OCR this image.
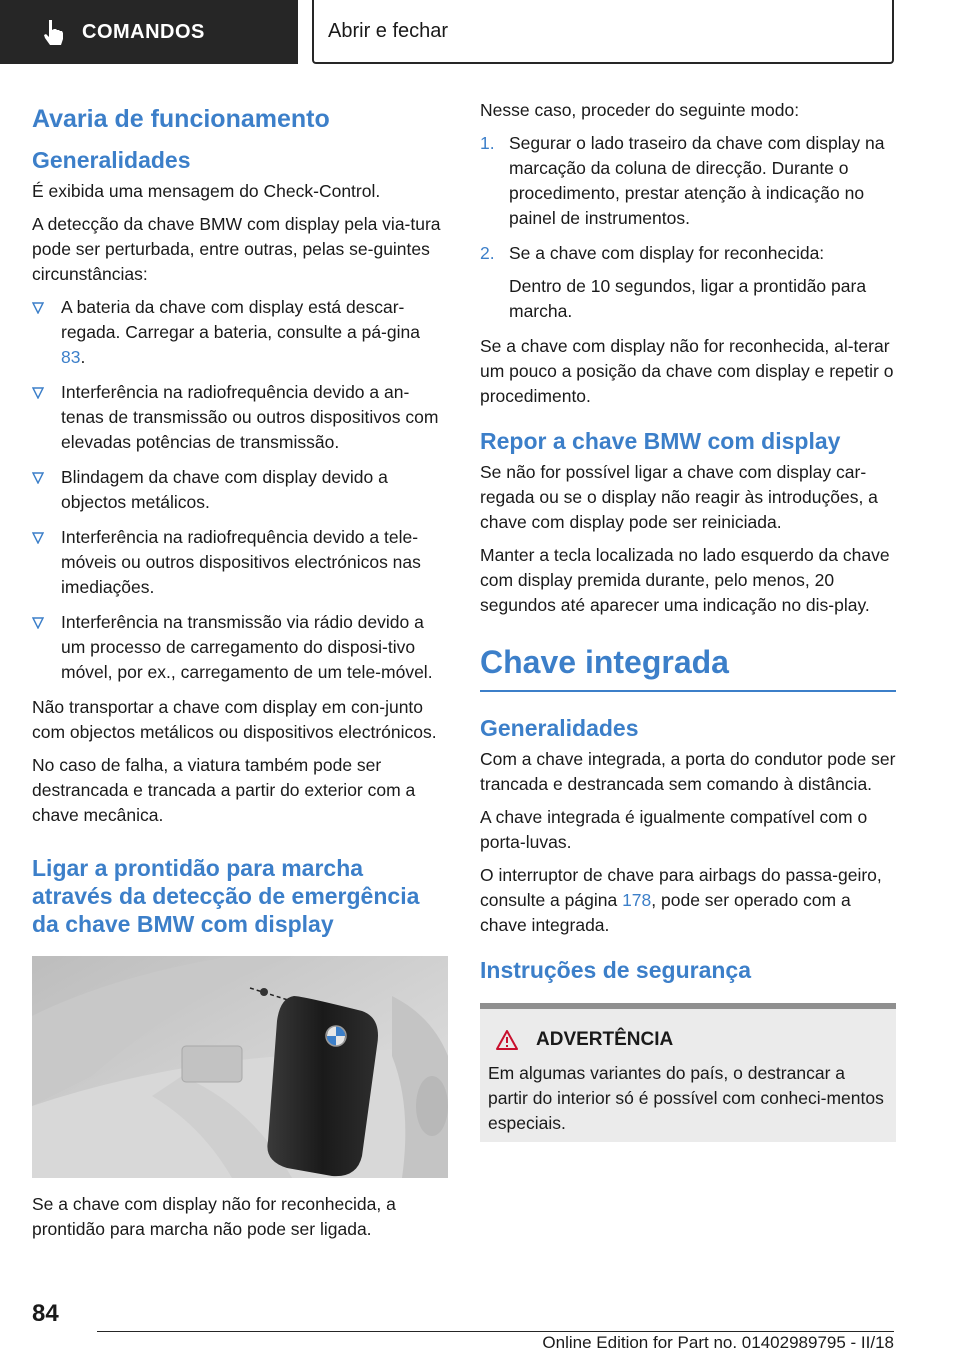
COMANDOS	Abrir e fechar
Avaria de funcionamento
Generalidades

É exibida uma mensagem do Check-Control.

A detecção da chave BMW com display pela via-tura pode ser perturbada, entre outras, pelas se-guintes circunstâncias:

A bateria da chave com display está descar-regada. Carregar a bateria, consulte a pá-gina 83.
Interferência na radiofrequência devido a an-tenas de transmissão ou outros dispositivos com elevadas potências de transmissão.
Blindagem da chave com display devido a objectos metálicos.
Interferência na radiofrequência devido a tele-móveis ou outros dispositivos electrónicos nas imediações.
Interferência na transmissão via rádio devido a um processo de carregamento do disposi-tivo móvel, por ex., carregamento de um tele-móvel.

Não transportar a chave com display em con-junto com objectos metálicos ou dispositivos electrónicos.

No caso de falha, a viatura também pode ser destrancada e trancada a partir do exterior com a chave mecânica.

Ligar a prontidão para marcha através da detecção de emergência da chave BMW com display

Se a chave com display não for reconhecida, a prontidão para marcha não pode ser ligada.

Nesse caso, proceder do seguinte modo:

1. Segurar o lado traseiro da chave com display na marcação da coluna de direcção. Durante o procedimento, prestar atenção à indicação no painel de instrumentos.
2. Se a chave com display for reconhecida:
Dentro de 10 segundos, ligar a prontidão para marcha.

Se a chave com display não for reconhecida, al-terar um pouco a posição da chave com display e repetir o procedimento.

Repor a chave BMW com display

Se não for possível ligar a chave com display car-regada ou se o display não reagir às introduções, a chave com display pode ser reiniciada.

Manter a tecla localizada no lado esquerdo da chave com display premida durante, pelo menos, 20 segundos até aparecer uma indicação no dis-play.

Chave integrada
Generalidades

Com a chave integrada, a porta do condutor pode ser trancada e destrancada sem comando à distância.

A chave integrada é igualmente compatível com o porta-luvas.

O interruptor de chave para airbags do passa-geiro, consulte a página 178, pode ser operado com a chave integrada.

Instruções de segurança
ADVERTÊNCIA

Em algumas variantes do país, o destrancar a partir do interior só é possível com conheci-mentos especiais.

84
Online Edition for Part no. 01402989795 - II/18
